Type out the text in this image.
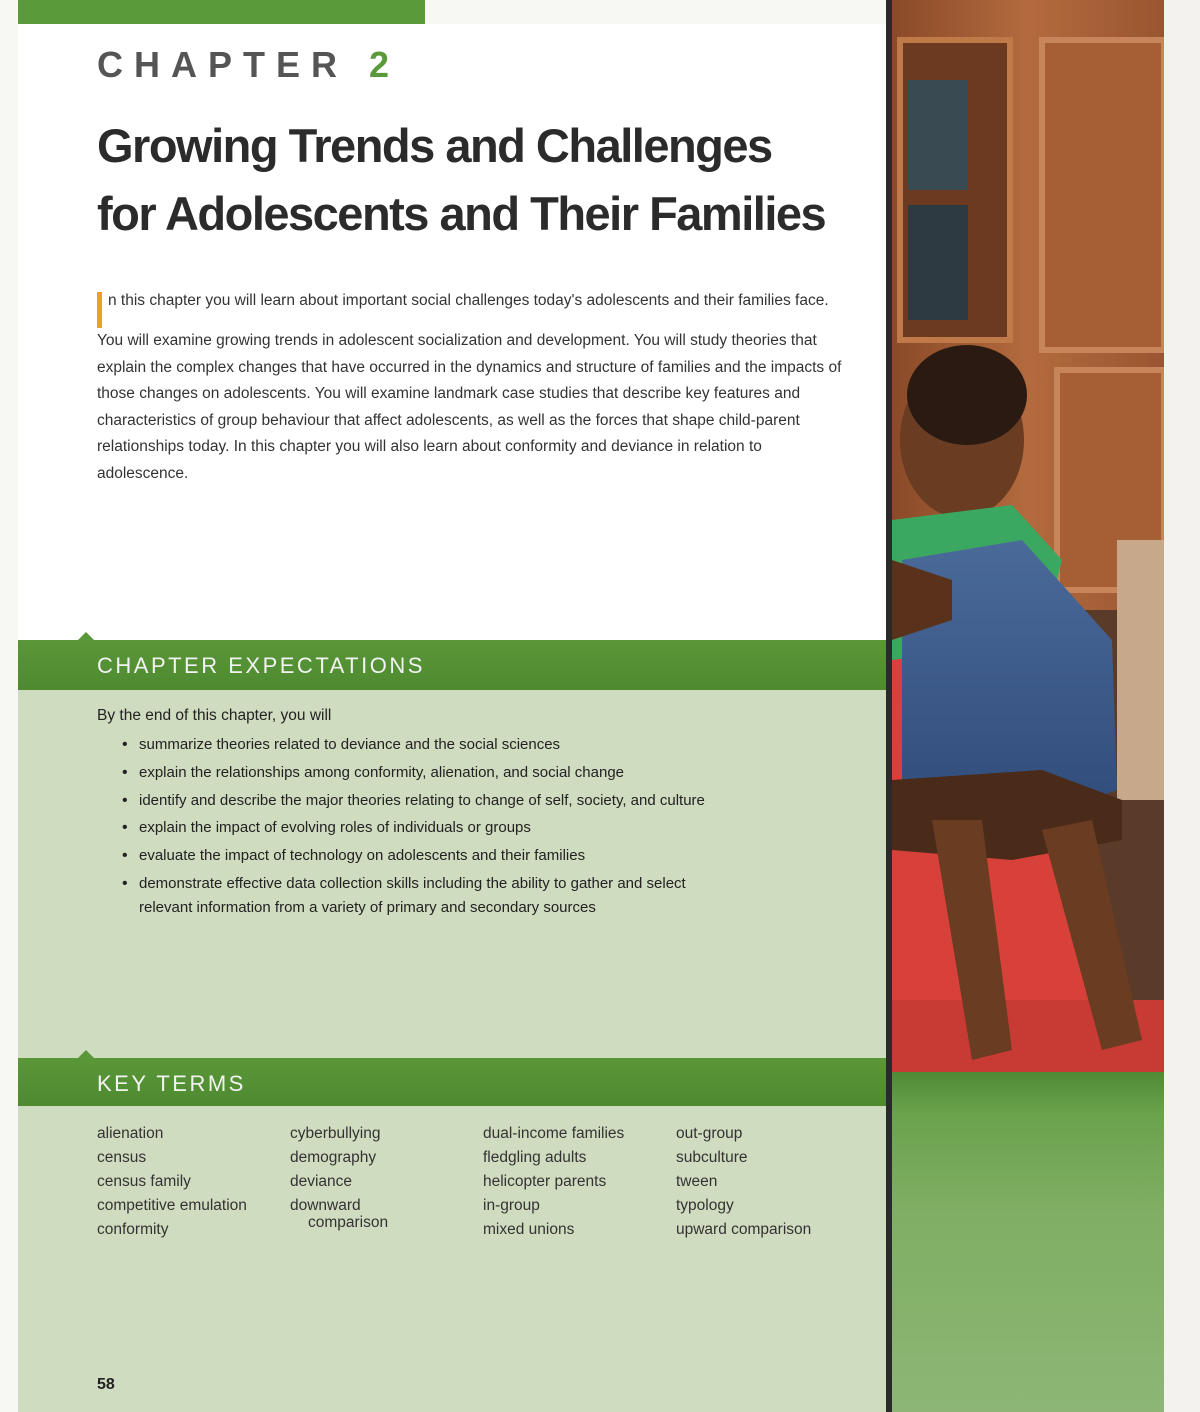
CHAPTER 2
Growing Trends and Challenges
for Adolescents and Their Families

n this chapter you will learn about important social challenges today's adolescents and their families face. You will examine growing trends in adolescent socialization and development. You will study theories that explain the complex changes that have occurred in the dynamics and structure of families and the impacts of those changes on adolescents. You will examine landmark case studies that describe key features and characteristics of group behaviour that affect adolescents, as well as the forces that shape child-parent relationships today. In this chapter you will also learn about conformity and deviance in relation to adolescence.

CHAPTER EXPECTATIONS
By the end of this chapter, you will
• summarize theories related to deviance and the social sciences
• explain the relationships among conformity, alienation, and social change
• identify and describe the major theories relating to change of self, society, and culture
• explain the impact of evolving roles of individuals or groups
• evaluate the impact of technology on adolescents and their families
• demonstrate effective data collection skills including the ability to gather and select
relevant information from a variety of primary and secondary sources
KEY TERMS
alienation
census
census family
competitive emulation
conformity
cyberbullying
demography
deviance
downward
comparison
dual-income families
fledgling adults
helicopter parents
in-group
mixed unions
out-group
subculture
tween
typology
upward comparison
58
